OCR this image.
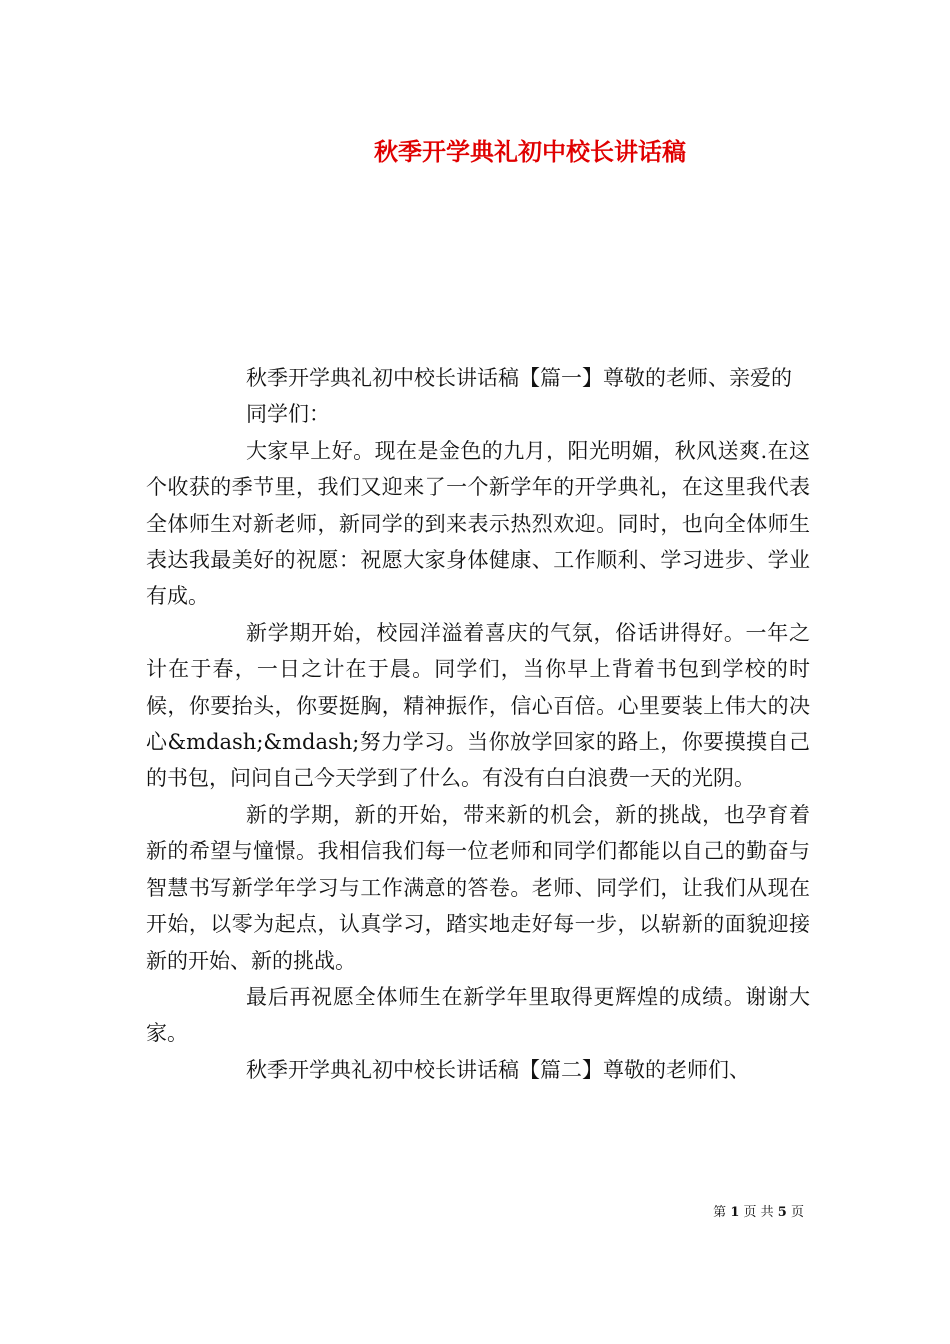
秋季开学典礼初中校长讲话稿

秋季开学典礼初中校长讲话稿【篇一】尊敬的老师、亲爱的

同学们：

大家早上好。现在是金色的九月，阳光明媚，秋风送爽.在这个收获的季节里，我们又迎来了一个新学年的开学典礼，在这里我代表全体师生对新老师，新同学的到来表示热烈欢迎。同时，也向全体师生表达我最美好的祝愿：祝愿大家身体健康、工作顺利、学习进步、学业有成。

新学期开始，校园洋溢着喜庆的气氛，俗话讲得好。一年之计在于春，一日之计在于晨。同学们，当你早上背着书包到学校的时候，你要抬头，你要挺胸，精神振作，信心百倍。心里要装上伟大的决心&mdash;&mdash;努力学习。当你放学回家的路上，你要摸摸自己的书包，问问自己今天学到了什么。有没有白白浪费一天的光阴。

新的学期，新的开始，带来新的机会，新的挑战，也孕育着新的希望与憧憬。我相信我们每一位老师和同学们都能以自己的勤奋与智慧书写新学年学习与工作满意的答卷。老师、同学们，让我们从现在开始，以零为起点，认真学习，踏实地走好每一步，以崭新的面貌迎接新的开始、新的挑战。

最后再祝愿全体师生在新学年里取得更辉煌的成绩。谢谢大家。

秋季开学典礼初中校长讲话稿【篇二】尊敬的老师们、

第 1 页 共 5 页
